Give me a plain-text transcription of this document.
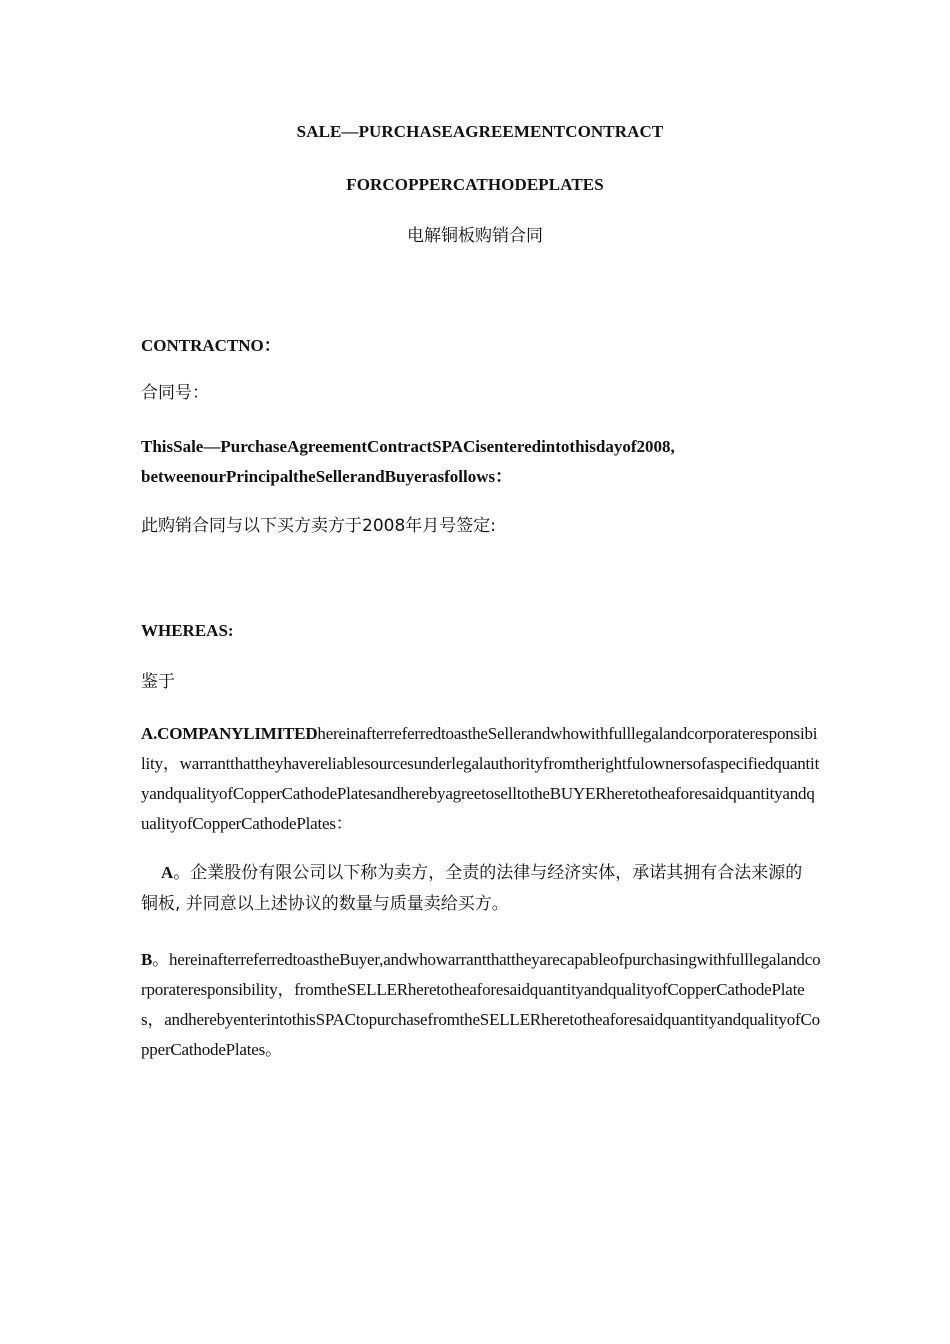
SALE—PURCHASEAGREEMENTCONTRACT
FORCOPPERCATHODEPLATES
电解铜板购销合同
CONTRACTNO：
合同号：
ThisSale—PurchaseAgreementContractSPACisenteredintothisdayof2008,
betweenourPrincipaltheSellerandBuyerasfollows：
此购销合同与以下买方卖方于2008年月号签定:
WHEREAS:
鉴于
A.COMPANYLIMITEDhereinafterreferredtoastheSellerandwhowithfulllegalandcorporateresponsibility，warrantthattheyhavereliablesourcesunderlegalauthorityfromtherightfulownersofaspecifiedquantityandqualityofCopperCathodePlatesandherebyagreetoselltotheBUYERheretotheaforesaidquantityandqualityofCopperCathodePlates：
A。企業股份有限公司以下称为卖方，全责的法律与经济实体，承诺其拥有合法来源的铜板, 并同意以上述协议的数量与质量卖给买方。
B。hereinafterreferredtoastheBuyer,andwhowarrantthattheyarecapableofpurchasingwithfulllegalandcorporateresponsibility，fromtheSELLERheretotheaforesaidquantityandqualityofCopperCathodePlates，andherebyenterintothisSPACtopurchasefromtheSELLERheretotheaforesaidquantityandqualityofCopperCathodePlates。
